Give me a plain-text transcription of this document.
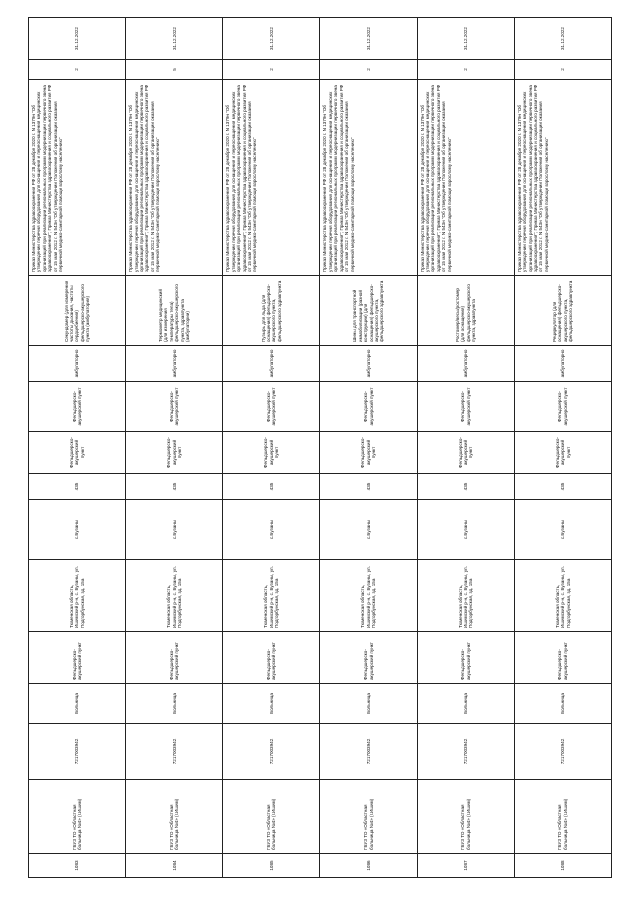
1083	ГБУЗ ТО «Областная больница №4» (г.Ишим)	7217003942	Больница	Фельдшерско-акушерский пункт	Тюменская область, Ишимский р-н, с. Бузаны, ул. Подгорбунская, зд. 15а	с.Бузаны	435	Фельдшерско-акушерский пункт	Фельдшерско-акушерский пункт	амбулаторно	Секундомер (для измерения частоты дыхания, частоты сердцебиения) фельдшерско-акушерского пункта (амбулатория)	Приказ Министерства здравоохранения РФ от 28 декабря 2020 г. N 1379н "Об утверждении перечня оборудования для оснащения и переоснащения медицинских организаций при реализации региональных программ модернизации первичного звена здравоохранения"; Приказ Министерства здравоохранения и социального развития РФ от 15 мая 2012 г. N 543н "Об утверждении Положения об организации оказания первичной медико-санитарной помощи взрослому населению"	2	31.12.2022
1084	ГБУЗ ТО «Областная больница №4» (г.Ишим)	7217003942	Больница	Фельдшерско-акушерский пункт	Тюменская область, Ишимский р-н, с. Бузаны, ул. Подгорбунская, зд. 15а	с.Бузаны	435	Фельдшерско-акушерский пункт	Фельдшерско-акушерский пункт	амбулаторно	Термометр медицинский (для измерения температуры тела) фельдшерско-акушерского пункта, здравпункта (амбулатории)	Приказ Министерства здравоохранения РФ от 28 декабря 2020 г. N 1379н "Об утверждении перечня оборудования для оснащения и переоснащения медицинских организаций при реализации региональных программ модернизации первичного звена здравоохранения"; Приказ Министерства здравоохранения и социального развития РФ от 15 мая 2012 г. N 543н "Об утверждении Положения об организации оказания первичной медико-санитарной помощи взрослому населению"	5	31.12.2022
1085	ГБУЗ ТО «Областная больница №4» (г.Ишим)	7217003942	Больница	Фельдшерско-акушерский пункт	Тюменская область, Ишимский р-н, с. Бузаны, ул. Подгорбунская, зд. 15а	с.Бузаны	435	Фельдшерско-акушерский пункт	Фельдшерско-акушерский пункт	амбулаторно	Пузырь для льда (для оснащения) фельдшерско-акушерского пункта, фельдшерского здравпункта	Приказ Министерства здравоохранения РФ от 28 декабря 2020 г. N 1379н "Об утверждении перечня оборудования для оснащения и переоснащения медицинских организаций при реализации региональных программ модернизации первичного звена здравоохранения"; Приказ Министерства здравоохранения и социального развития РФ от 15 мая 2012 г. N 543н "Об утверждении Положения об организации оказания первичной медико-санитарной помощи взрослому населению"	2	31.12.2022
1086	ГБУЗ ТО «Областная больница №4» (г.Ишим)	7217003942	Больница	Фельдшерско-акушерский пункт	Тюменская область, Ишимский р-н, с. Бузаны, ул. Подгорбунская, зд. 15а	с.Бузаны	435	Фельдшерско-акушерский пункт	Фельдшерско-акушерский пункт	амбулаторно	Шины для транспортной иммобилизации (разной конструкции) (для оснащения) фельдшерско-акушерского пункта, фельдшерского здравпункта	Приказ Министерства здравоохранения РФ от 28 декабря 2020 г. N 1379н "Об утверждении перечня оборудования для оснащения и переоснащения медицинских организаций при реализации региональных программ модернизации первичного звена здравоохранения"; Приказ Министерства здравоохранения и социального развития РФ от 15 мая 2012 г. N 543н "Об утверждении Положения об организации оказания первичной медико-санитарной помощи взрослому населению"	2	31.12.2022
1087	ГБУЗ ТО «Областная больница №4» (г.Ишим)	7217003942	Больница	Фельдшерско-акушерский пункт	Тюменская область, Ишимский р-н, с. Бузаны, ул. Подгорбунская, зд. 15а	с.Бузаны	435	Фельдшерско-акушерский пункт	Фельдшерско-акушерский пункт	амбулаторно	Ростомер/весы/ростомер (для оснащения) фельдшерско-акушерского пункта, здравпункта	Приказ Министерства здравоохранения РФ от 28 декабря 2020 г. N 1379н "Об утверждении перечня оборудования для оснащения и переоснащения медицинских организаций при реализации региональных программ модернизации первичного звена здравоохранения"; Приказ Министерства здравоохранения и социального развития РФ от 15 мая 2012 г. N 543н "Об утверждении Положения об организации оказания первичной медико-санитарной помощи взрослому населению"	2	31.12.2022
1088	ГБУЗ ТО «Областная больница №4» (г.Ишим)	7217003942	Больница	Фельдшерско-акушерский пункт	Тюменская область, Ишимский р-н, с. Бузаны, ул. Подгорбунская, зд. 15а	с.Бузаны	435	Фельдшерско-акушерский пункт	Фельдшерско-акушерский пункт	амбулаторно	Рециркулятор (для оснащения) фельдшерско-акушерского пункта, фельдшерского здравпункта	Приказ Министерства здравоохранения РФ от 28 декабря 2020 г. N 1379н "Об утверждении перечня оборудования для оснащения и переоснащения медицинских организаций при реализации региональных программ модернизации первичного звена здравоохранения"; Приказ Министерства здравоохранения и социального развития РФ от 15 мая 2012 г. N 543н "Об утверждении Положения об организации оказания первичной медико-санитарной помощи взрослому населению"	2	31.12.2022
